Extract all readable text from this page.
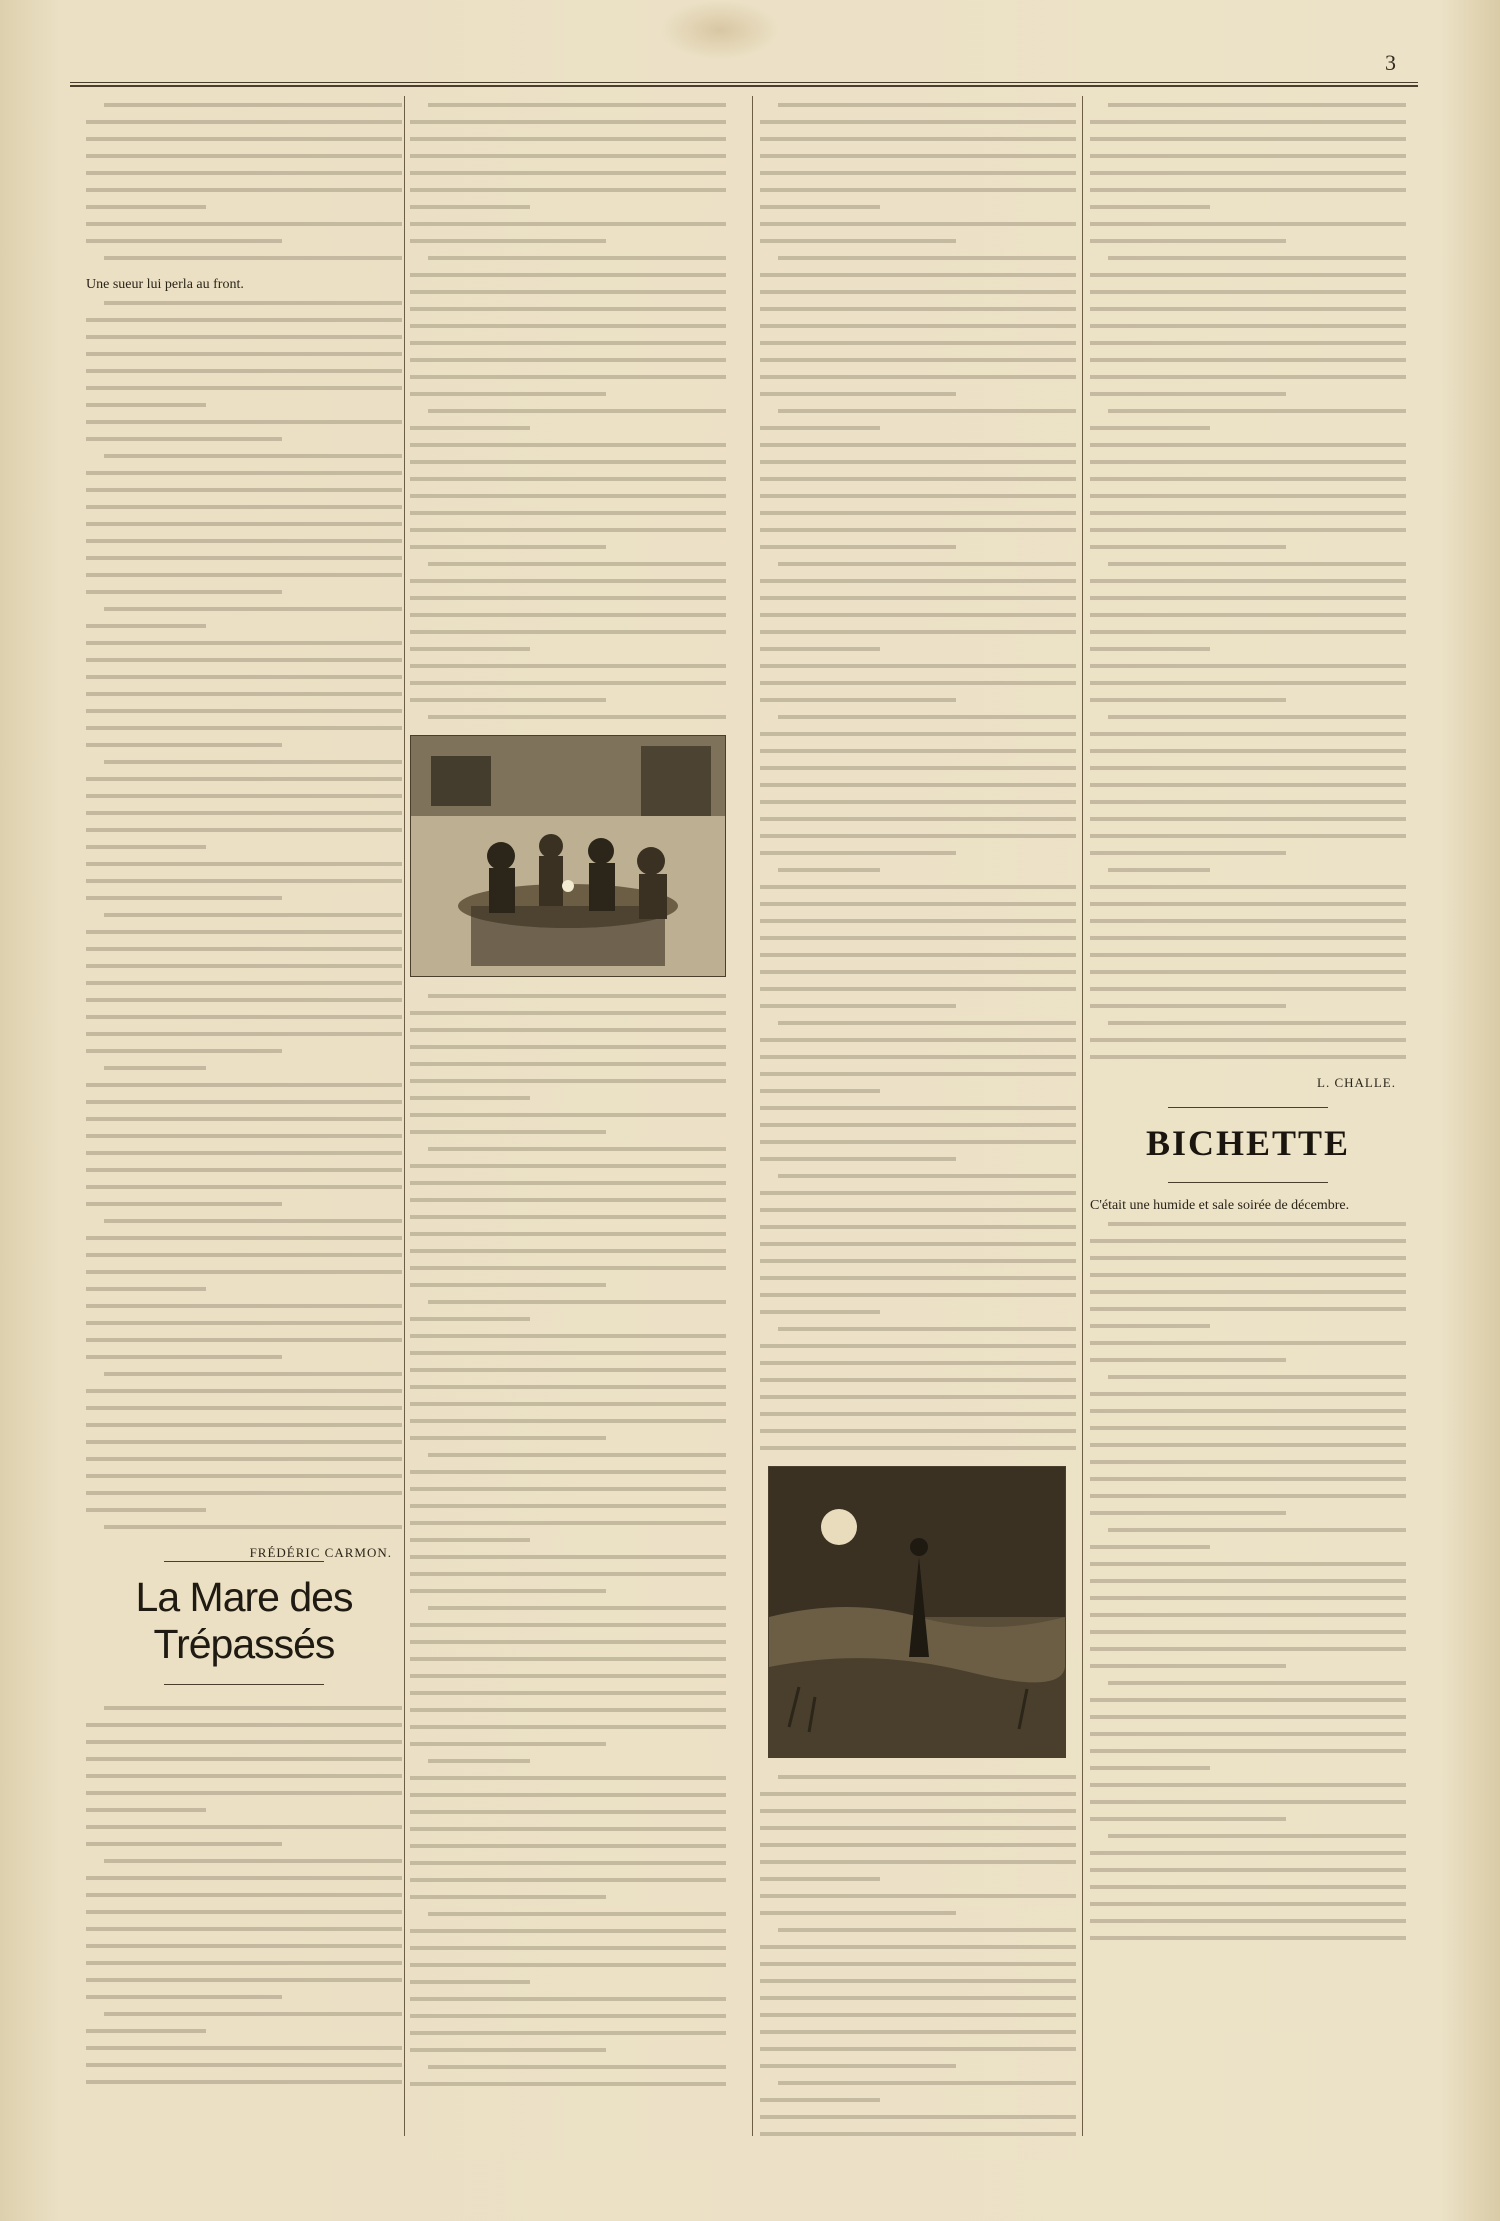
3
Une sueur lui perla au front.
FRÉDÉRIC CARMON.
La Mare des Trépassés
L. CHALLE.
BICHETTE
C'était une humide et sale soirée de décembre.
